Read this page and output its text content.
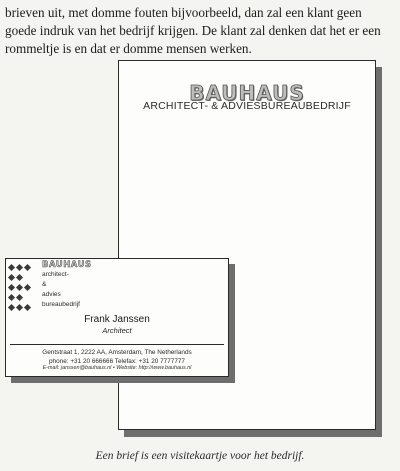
brieven uit, met domme fouten bijvoorbeeld, dan zal een klant geen
goede indruk van het bedrijf krijgen. De klant zal denken dat het er een
rommeltje is en dat er domme mensen werken.
BAUHAUS
ARCHITECT- & ADVIESBUREAUBEDRIJF
BAUHAUS
architect-
&
advies
bureaubedrijf
Frank Janssen
Architect
Gentstraat 1, 2222 AA, Amsterdam, The Netherlands
phone: +31 20 666666 Telefax: +31 20 7777777
E-mail: janssen@bauhaus.nl • Website: http://www.bauhaus.nl
Een brief is een visitekaartje voor het bedrijf.
